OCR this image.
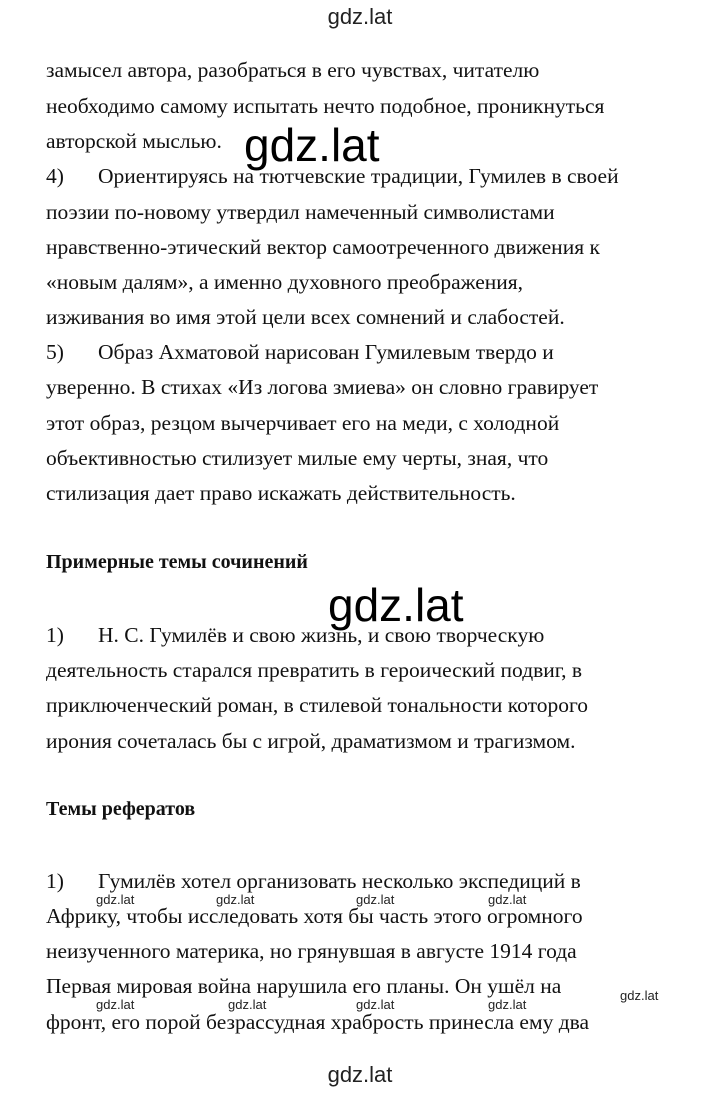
gdz.lat
замысел автора, разобраться в его чувствах, читателю
необходимо самому испытать нечто подобное, проникнуться
авторской мыслью.
4) Ориентируясь на тютчевские традиции, Гумилев в своей
поэзии по-новому утвердил намеченный символистами
нравственно-этический вектор самоотреченного движения к
«новым далям», а именно духовного преображения,
изживания во имя этой цели всех сомнений и слабостей.
5) Образ Ахматовой нарисован Гумилевым твердо и
уверенно. В стихах «Из логова змиева» он словно гравирует
этот образ, резцом вычерчивает его на меди, с холодной
объективностью стилизует милые ему черты, зная, что
стилизация дает право искажать действительность.
Примерные темы сочинений
1) Н. С. Гумилёв и свою жизнь, и свою творческую
деятельность старался превратить в героический подвиг, в
приключенческий роман, в стилевой тональности которого
ирония сочеталась бы с игрой, драматизмом и трагизмом.
Темы рефератов
1) Гумилёв хотел организовать несколько экспедиций в
Африку, чтобы исследовать хотя бы часть этого огромного
неизученного материка, но грянувшая в августе 1914 года
Первая мировая война нарушила его планы. Он ушёл на
фронт, его порой безрассудная храбрость принесла ему два
gdz.lat
gdz.lat
gdz.lat	gdz.lat	gdz.lat	gdz.lat
gdz.lat
gdz.lat	gdz.lat	gdz.lat	gdz.lat
gdz.lat
